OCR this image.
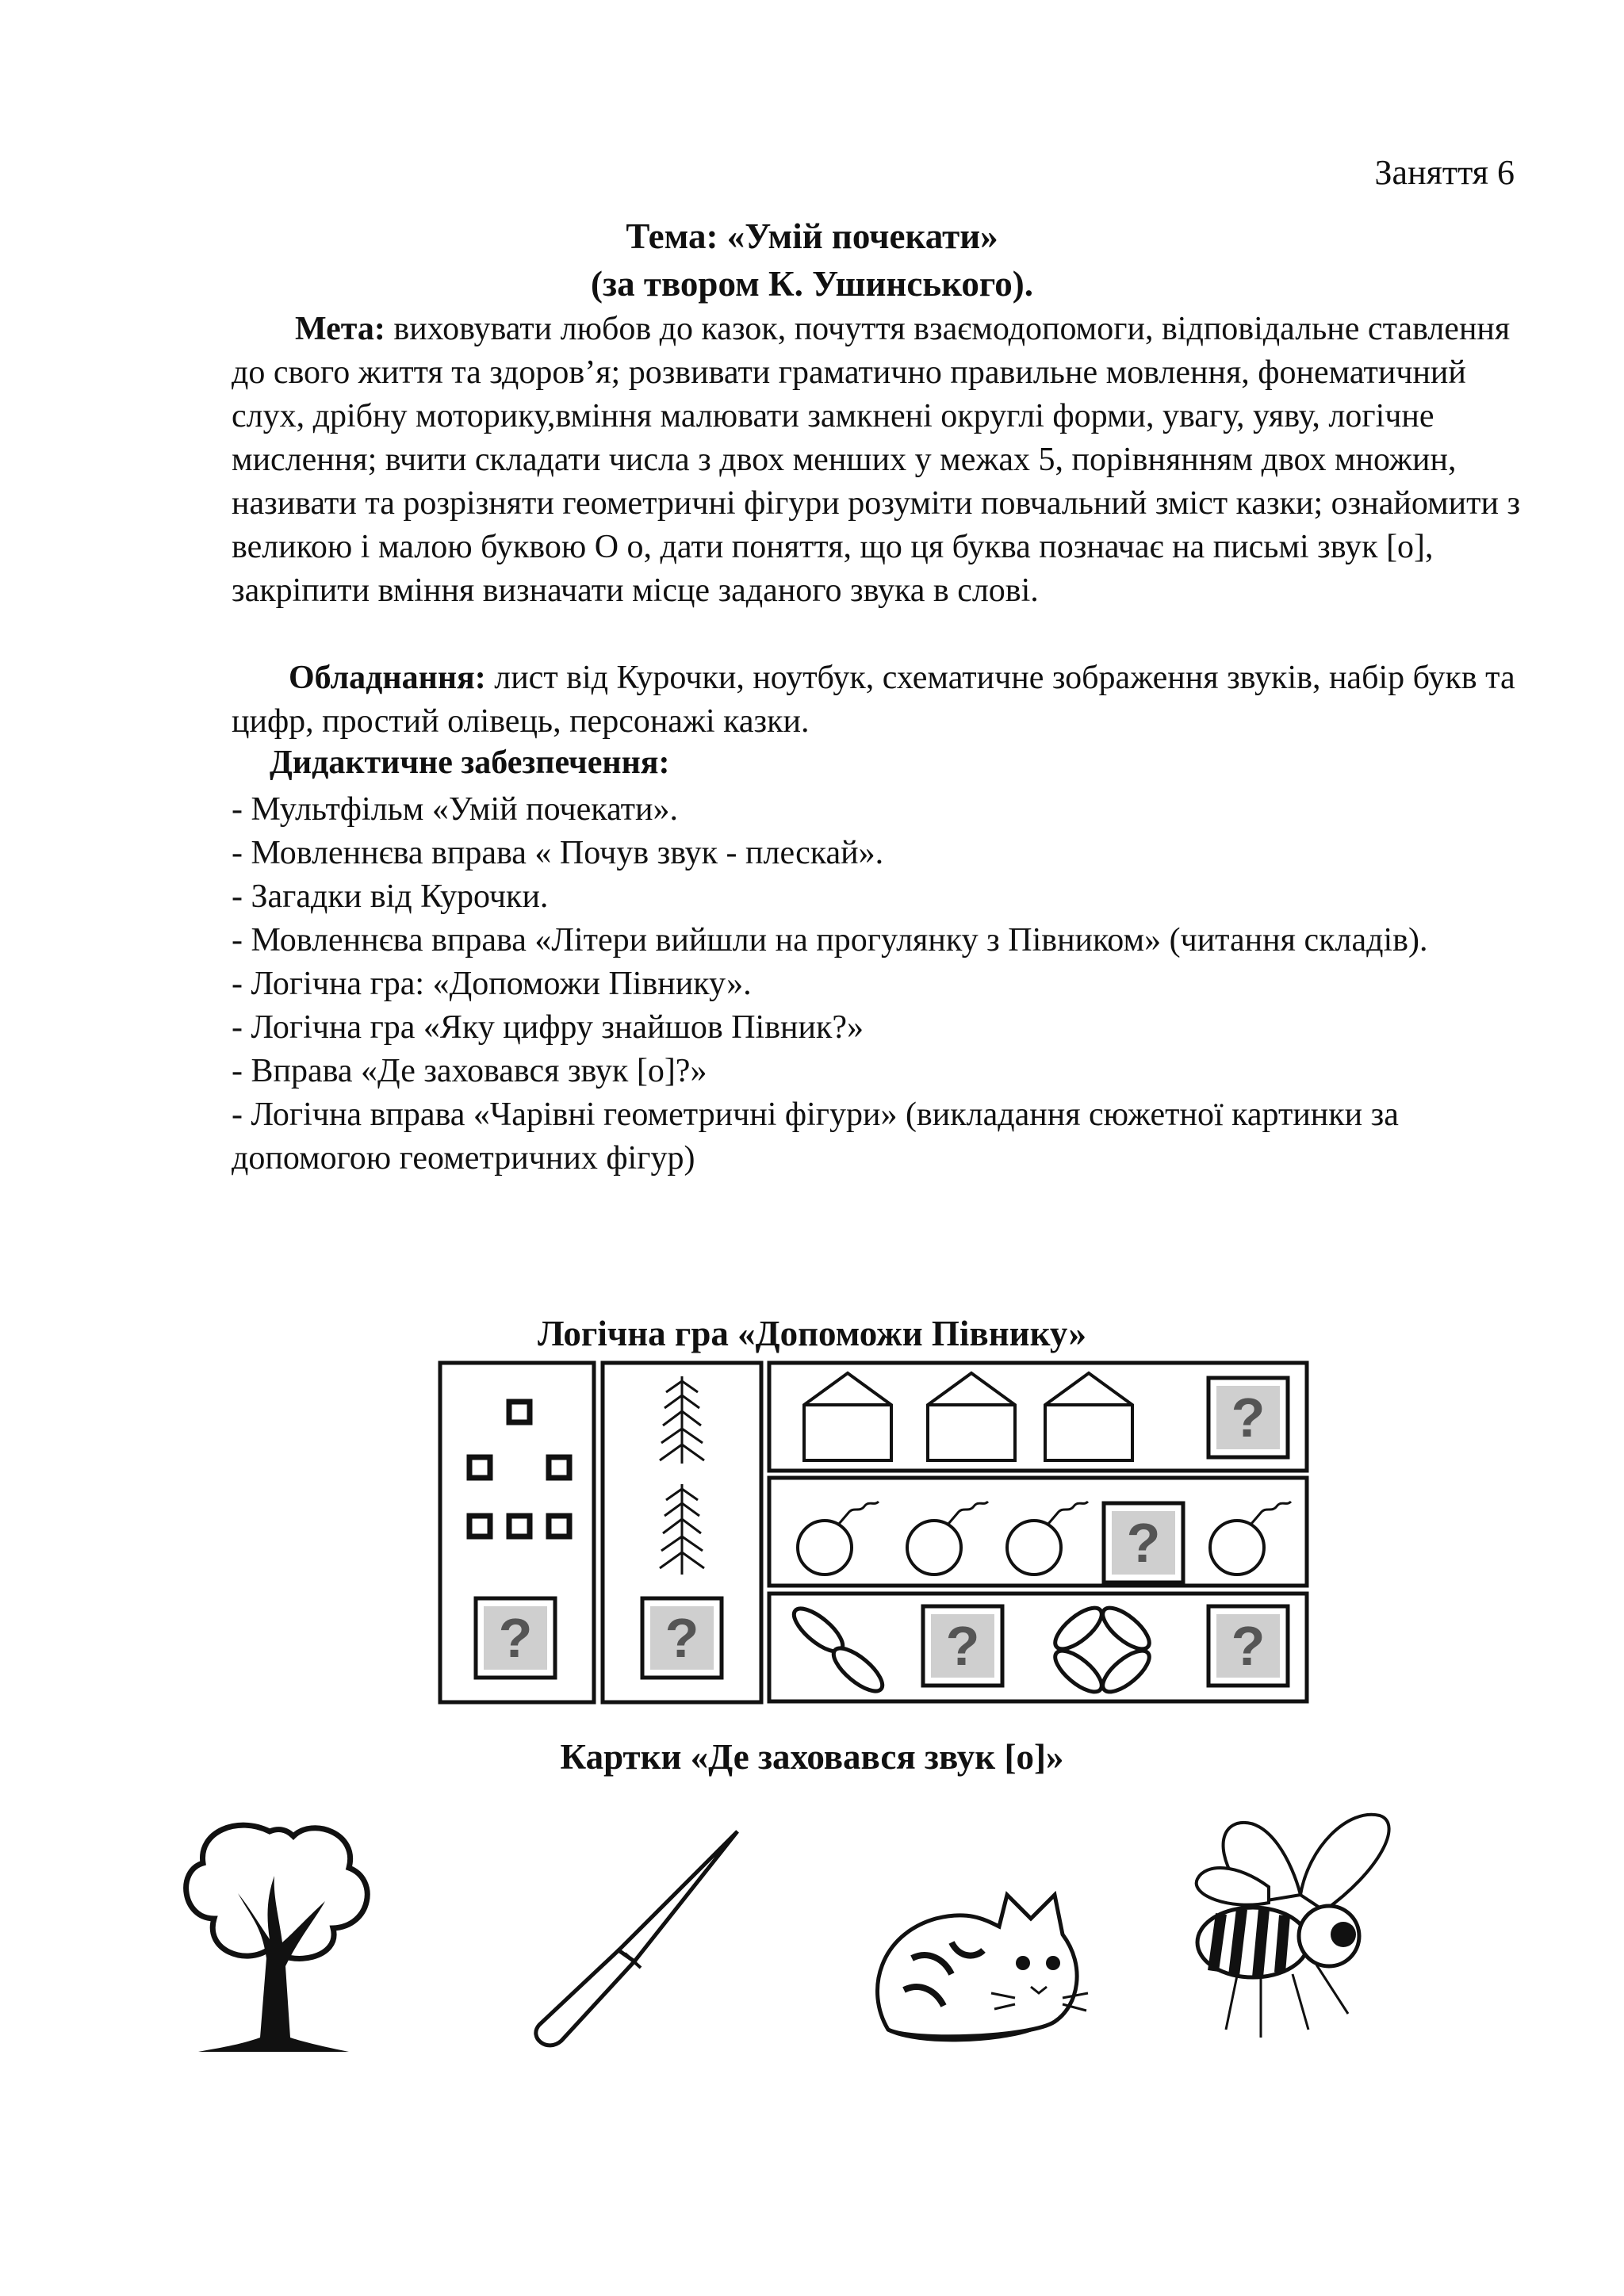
Заняття 6
Тема: «Умій почекати»
(за твором К. Ушинського).
Мета: виховувати любов до казок, почуття взаємодопомоги, відповідальне ставлення до свого життя та здоров’я; розвивати граматично правильне мовлення, фонематичний слух, дрібну моторику,вміння малювати замкнені округлі форми, увагу, уяву, логічне мислення; вчити складати числа з двох менших у межах 5, порівнянням двох множин, називати та розрізняти геометричні фігури розуміти повчальний зміст казки; ознайомити з великою і малою буквою О о, дати поняття, що ця буква позначає на письмі звук [о], закріпити вміння визначати місце заданого звука в слові.
Обладнання: лист від Курочки, ноутбук, схематичне зображення звуків, набір букв та цифр, простий олівець, персонажі казки.
Дидактичне забезпечення:
- Мультфільм «Умій почекати».
- Мовленнєва вправа « Почув звук - плескай».
- Загадки від Курочки.
- Мовленнєва вправа «Літери вийшли на прогулянку з Півником» (читання складів).
- Логічна гра: «Допоможи Півнику».
- Логічна гра «Яку цифру знайшов Півник?»
- Вправа «Де заховався звук [о]?»
- Логічна вправа «Чарівні геометричні фігури» (викладання сюжетної картинки за допомогою геометричних фігур)
Логічна гра «Допоможи Півнику»
Картки «Де заховався звук [о]»
